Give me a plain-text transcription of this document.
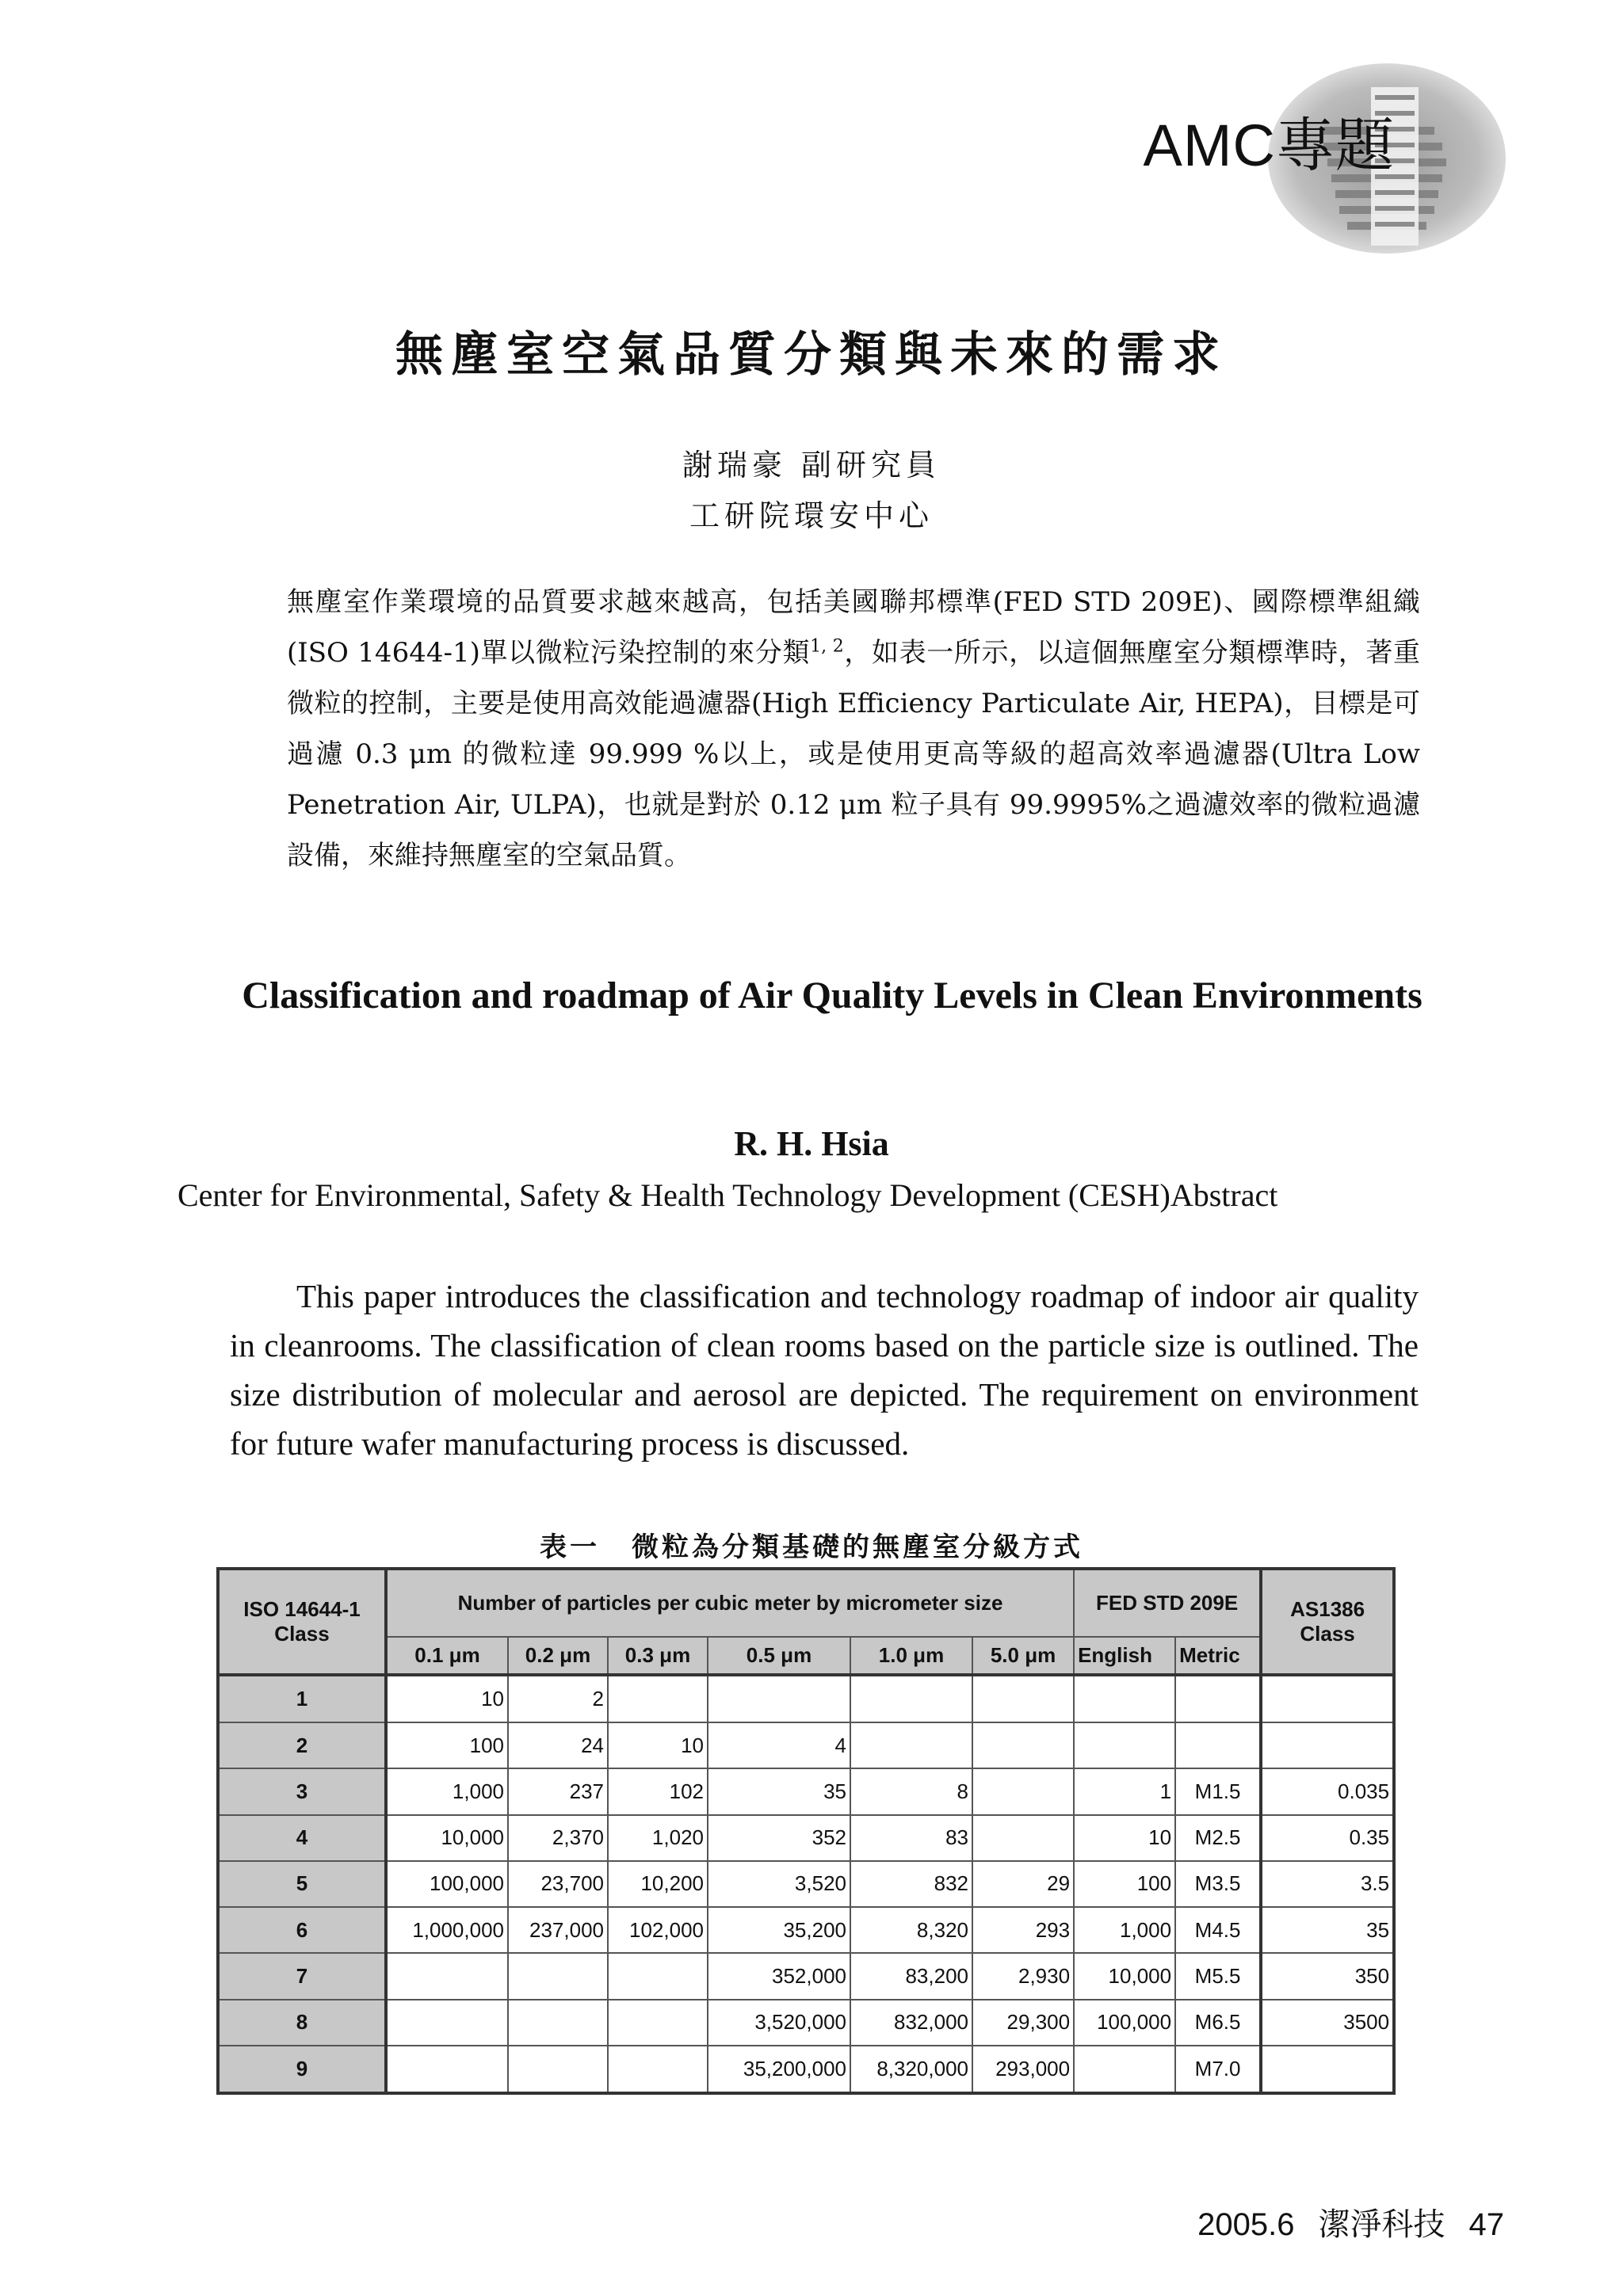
AMC專題
無塵室空氣品質分類與未來的需求
謝瑞豪 副研究員
工研院環安中心
無塵室作業環境的品質要求越來越高，包括美國聯邦標準(FED STD 209E)、國際標準組織(ISO 14644-1)單以微粒污染控制的來分類$^{1, 2}$，如表一所示，以這個無塵室分類標準時，著重微粒的控制，主要是使用高效能過濾器(High Efficiency Particulate Air, HEPA)，目標是可過濾 0.3 μm 的微粒達 99.999 %以上，或是使用更高等級的超高效率過濾器(Ultra Low Penetration Air, ULPA)，也就是對於 0.12 μm 粒子具有 99.9995%之過濾效率的微粒過濾設備，來維持無塵室的空氣品質。
Classification and roadmap of Air Quality Levels in Clean Environments
R. H. Hsia
Center for Environmental, Safety & Health Technology Development (CESH)Abstract
This paper introduces the classification and technology roadmap of indoor air quality in cleanrooms. The classification of clean rooms based on the particle size is outlined. The size distribution of molecular and aerosol are depicted. The requirement on environment for future wafer manufacturing process is discussed.
表一 微粒為分類基礎的無塵室分級方式
ISO 14644-1 Class	Number of particles per cubic meter by micrometer size						FED STD 209E		AS1386 Class
	0.1 μm	0.2 μm	0.3 μm	0.5 μm	1.0 μm	5.0 μm	English	Metric	
1	10	2							
2	100	24	10	4					
3	1,000	237	102	35	8		1	M1.5	0.035
4	10,000	2,370	1,020	352	83		10	M2.5	0.35
5	100,000	23,700	10,200	3,520	832	29	100	M3.5	3.5
6	1,000,000	237,000	102,000	35,200	8,320	293	1,000	M4.5	35
7				352,000	83,200	2,930	10,000	M5.5	350
8				3,520,000	832,000	29,300	100,000	M6.5	3500
9				35,200,000	8,320,000	293,000		M7.0	
2005.6 潔淨科技 47
